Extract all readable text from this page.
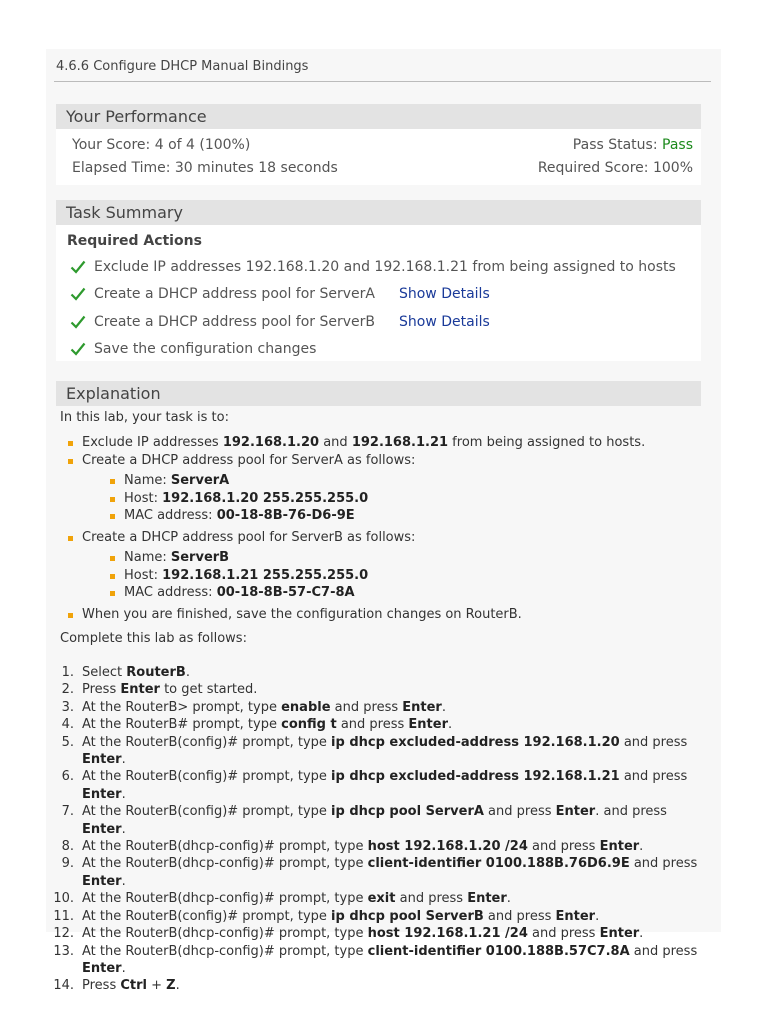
4.6.6 Configure DHCP Manual Bindings
Your Performance
Your Score: 4 of 4 (100%)	Pass Status: Pass
Elapsed Time: 30 minutes 18 seconds	Required Score: 100%
Task Summary
Required Actions
Exclude IP addresses 192.168.1.20 and 192.168.1.21 from being assigned to hosts
Create a DHCP address pool for ServerA Show Details
Create a DHCP address pool for ServerB Show Details
Save the configuration changes
Explanation

In this lab, your task is to:

Exclude IP addresses 192.168.1.20 and 192.168.1.21 from being assigned to hosts.
Create a DHCP address pool for ServerA as follows:
Name: ServerA
Host: 192.168.1.20 255.255.255.0
MAC address: 00-18-8B-76-D6-9E
Create a DHCP address pool for ServerB as follows:
Name: ServerB
Host: 192.168.1.21 255.255.255.0
MAC address: 00-18-8B-57-C7-8A
When you are finished, save the configuration changes on RouterB.

Complete this lab as follows:

1. Select RouterB.
2. Press Enter to get started.
3. At the RouterB> prompt, type enable and press Enter.
4. At the RouterB# prompt, type config t and press Enter.
5. At the RouterB(config)# prompt, type ip dhcp excluded-address 192.168.1.20 and press Enter.
6. At the RouterB(config)# prompt, type ip dhcp excluded-address 192.168.1.21 and press Enter.
7. At the RouterB(config)# prompt, type ip dhcp pool ServerA and press Enter. and press Enter.
8. At the RouterB(dhcp-config)# prompt, type host 192.168.1.20 /24 and press Enter.
9. At the RouterB(dhcp-config)# prompt, type client-identifier 0100.188B.76D6.9E and press Enter.
10. At the RouterB(dhcp-config)# prompt, type exit and press Enter.
11. At the RouterB(config)# prompt, type ip dhcp pool ServerB and press Enter.
12. At the RouterB(dhcp-config)# prompt, type host 192.168.1.21 /24 and press Enter.
13. At the RouterB(dhcp-config)# prompt, type client-identifier 0100.188B.57C7.8A and press Enter.
14. Press Ctrl + Z.
